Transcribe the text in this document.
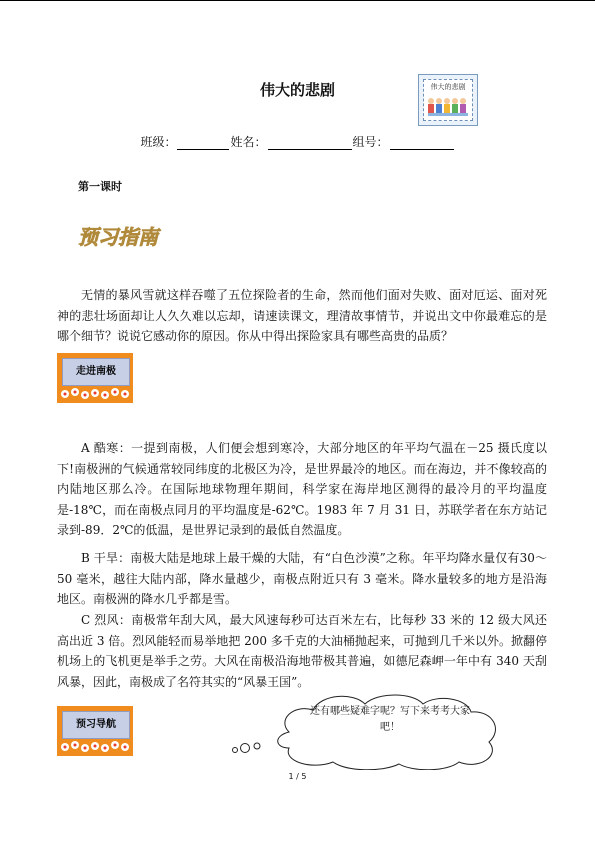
伟大的悲剧	伟大的悲剧
班级：	姓名：	组号：
第一课时
预习指南

无情的暴风雪就这样吞噬了五位探险者的生命，然而他们面对失败、面对厄运、面对死神的悲壮场面却让人久久难以忘却，请速读课文，理清故事情节，并说出文中你最难忘的是哪个细节？说说它感动你的原因。你从中得出探险家具有哪些高贵的品质？

走进南极

A 酷寒：一提到南极，人们便会想到寒冷，大部分地区的年平均气温在－25 摄氏度以下!南极洲的气候通常较同纬度的北极区为冷，是世界最冷的地区。而在海边，并不像较高的内陆地区那么冷。在国际地球物理年期间，科学家在海岸地区测得的最冷月的平均温度是-18℃，而在南极点同月的平均温度是-62℃。1983 年 7 月 31 日，苏联学者在东方站记录到-89．2℃的低温，是世界记录到的最低自然温度。

B 干旱：南极大陆是地球上最干燥的大陆，有“白色沙漠”之称。年平均降水量仅有30～50 毫米，越往大陆内部，降水量越少，南极点附近只有 3 毫米。降水量较多的地方是沿海地区。南极洲的降水几乎都是雪。

C 烈风：南极常年刮大风，最大风速每秒可达百米左右，比每秒 33 米的 12 级大风还高出近 3 倍。烈风能轻而易举地把 200 多千克的大油桶抛起来，可抛到几千米以外。掀翻停机场上的飞机更是举手之劳。大风在南极沿海地带极其普遍，如德尼森岬一年中有 340 天刮风暴，因此，南极成了名符其实的“风暴王国”。

预习导航
还有哪些疑难字呢？写下来考考大家吧！
1 / 5
